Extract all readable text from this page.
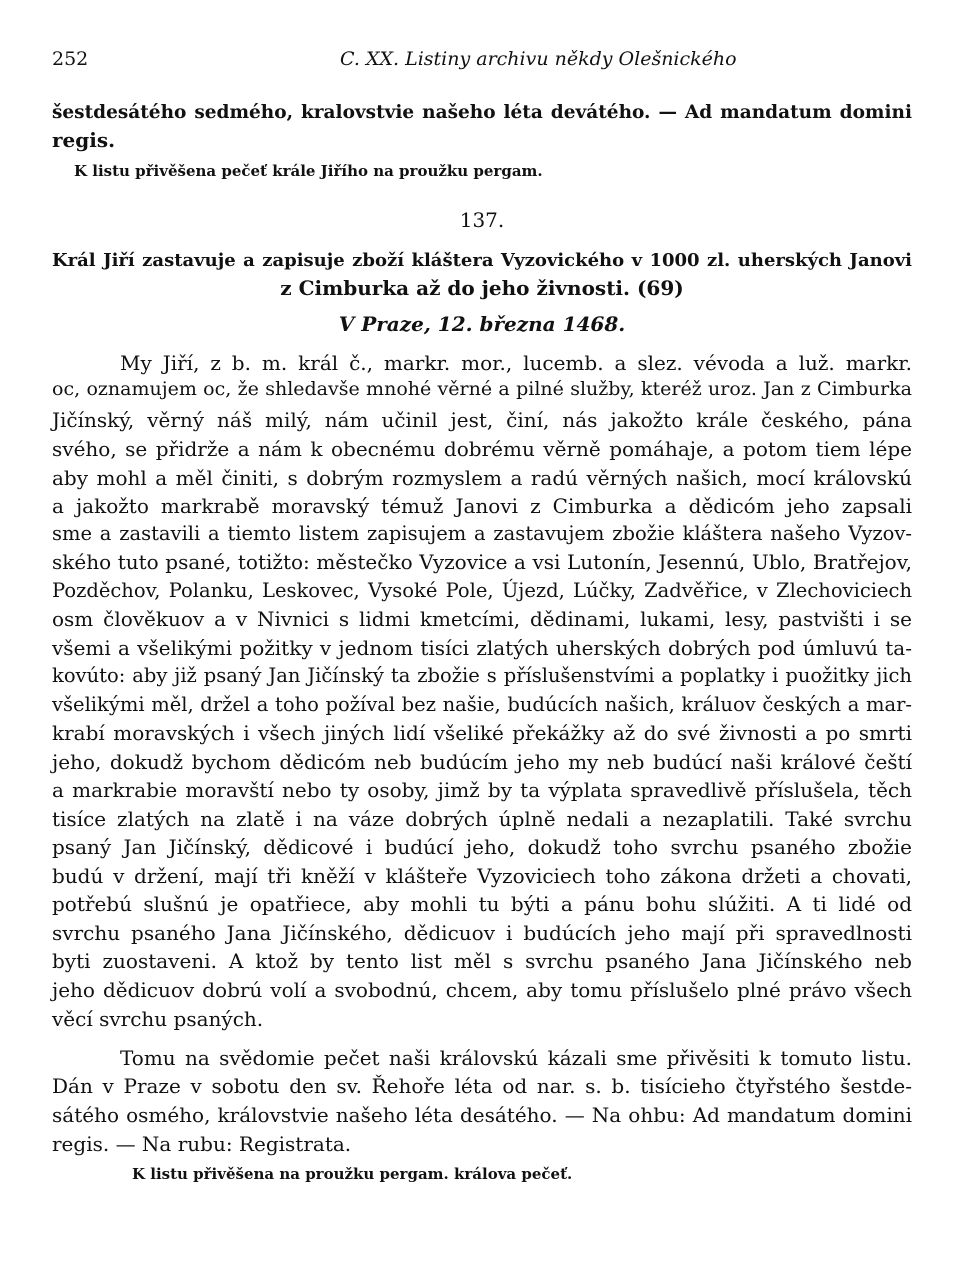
252	C. XX. Listiny archivu někdy Olešnického
šestdesátého sedmého, kralovstvie našeho léta devátého. — Ad mandatum domini
regis.
K listu přivěšena pečeť krále Jiřího na proužku pergam.
137.
Král Jiří zastavuje a zapisuje zboží kláštera Vyzovického v 1000 zl. uherských Janovi
z Cimburka až do jeho živnosti. (69)
V Praze, 12. března 1468.
My Jiří, z b. m. král č., markr. mor., lucemb. a slez. vévoda a luž. markr.
oc, oznamujem oc, že shledavše mnohé věrné a pilné služby, kteréž uroz. Jan z Cimburka
Jičínský, věrný náš milý, nám učinil jest, činí, nás jakožto krále českého, pána
svého, se přidrže a nám k obecnému dobrému věrně pomáhaje, a potom tiem lépe
aby mohl a měl činiti, s dobrým rozmyslem a radú věrných našich, mocí královskú
a jakožto markrabě moravský témuž Janovi z Cimburka a dědicóm jeho zapsali
sme a zastavili a tiemto listem zapisujem a zastavujem zbožie kláštera našeho Vyzov-
ského tuto psané, totižto: městečko Vyzovice a vsi Lutonín, Jesennú, Ublo, Bratřejov,
Pozděchov, Polanku, Leskovec, Vysoké Pole, Újezd, Lúčky, Zadvěřice, v Zlechoviciech
osm člověkuov a v Nivnici s lidmi kmetcími, dědinami, lukami, lesy, pastvišti i se
všemi a všelikými požitky v jednom tisíci zlatých uherských dobrých pod úmluvú ta-
kovúto: aby již psaný Jan Jičínský ta zbožie s příslušenstvími a poplatky i puožitky jich
všelikými měl, držel a toho požíval bez našie, budúcích našich, králuov českých a mar-
krabí moravských i všech jiných lidí všeliké překážky až do své živnosti a po smrti
jeho, dokudž bychom dědicóm neb budúcím jeho my neb budúcí naši králové čeští
a markrabie moravští nebo ty osoby, jimž by ta výplata spravedlivě příslušela, těch
tisíce zlatých na zlatě i na váze dobrých úplně nedali a nezaplatili. Také svrchu
psaný Jan Jičínský, dědicové i budúcí jeho, dokudž toho svrchu psaného zbožie
budú v držení, mají tři kněží v klášteře Vyzoviciech toho zákona držeti a chovati,
potřebú slušnú je opatřiece, aby mohli tu býti a pánu bohu slúžiti. A ti lidé od
svrchu psaného Jana Jičínského, dědicuov i budúcích jeho mají při spravedlnosti
byti zuostaveni. A ktož by tento list měl s svrchu psaného Jana Jičínského neb
jeho dědicuov dobrú volí a svobodnú, chcem, aby tomu příslušelo plné právo všech
věcí svrchu psaných.
Tomu na svědomie pečet naši královskú kázali sme přivěsiti k tomuto listu.
Dán v Praze v sobotu den sv. Řehoře léta od nar. s. b. tisícieho čtyřstého šestde-
sátého osmého, královstvie našeho léta desátého. — Na ohbu: Ad mandatum domini
regis. — Na rubu: Registrata.
K listu přivěšena na proužku pergam. královа pečeť.
